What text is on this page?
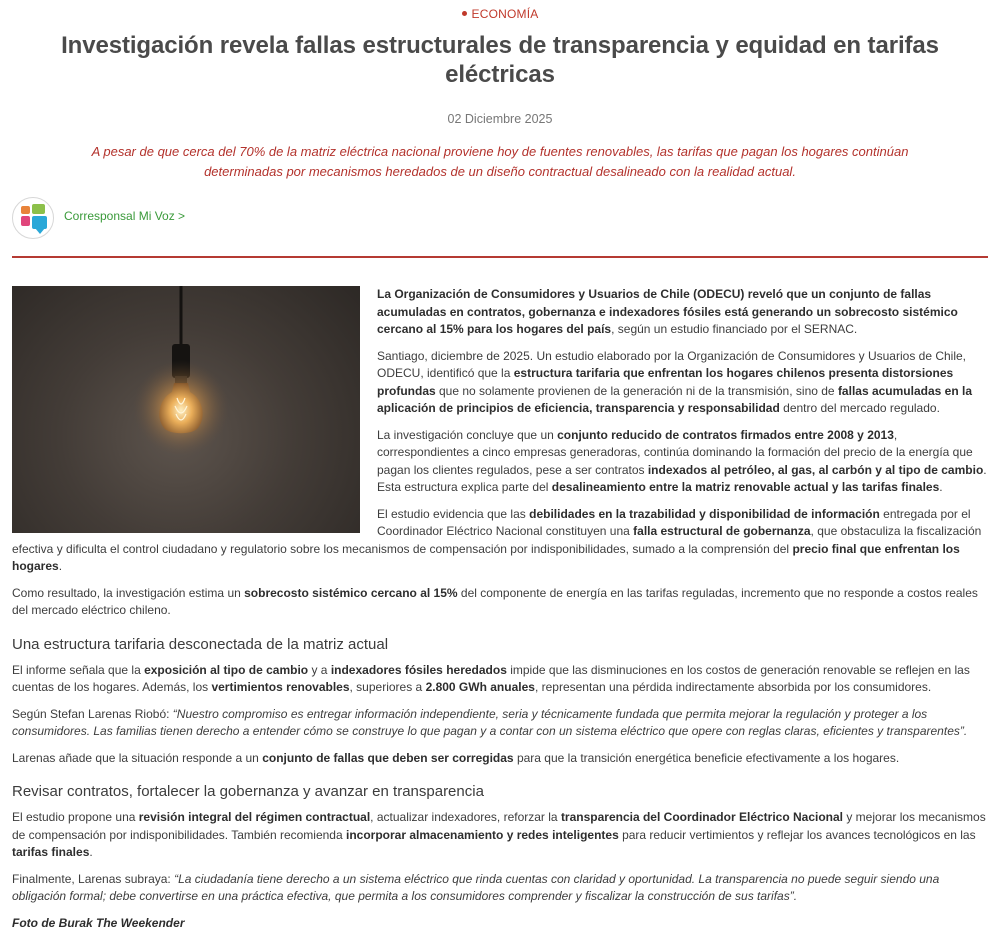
ECONOMÍA
Investigación revela fallas estructurales de transparencia y equidad en tarifas eléctricas
02 Diciembre 2025
A pesar de que cerca del 70% de la matriz eléctrica nacional proviene hoy de fuentes renovables, las tarifas que pagan los hogares continúan determinadas por mecanismos heredados de un diseño contractual desalineado con la realidad actual.
Corresponsal Mi Voz >

La Organización de Consumidores y Usuarios de Chile (ODECU) reveló que un conjunto de fallas acumuladas en contratos, gobernanza e indexadores fósiles está generando un sobrecosto sistémico cercano al 15% para los hogares del país, según un estudio financiado por el SERNAC.

Santiago, diciembre de 2025. Un estudio elaborado por la Organización de Consumidores y Usuarios de Chile, ODECU, identificó que la estructura tarifaria que enfrentan los hogares chilenos presenta distorsiones profundas que no solamente provienen de la generación ni de la transmisión, sino de fallas acumuladas en la aplicación de principios de eficiencia, transparencia y responsabilidad dentro del mercado regulado.

La investigación concluye que un conjunto reducido de contratos firmados entre 2008 y 2013, correspondientes a cinco empresas generadoras, continúa dominando la formación del precio de la energía que pagan los clientes regulados, pese a ser contratos indexados al petróleo, al gas, al carbón y al tipo de cambio. Esta estructura explica parte del desalineamiento entre la matriz renovable actual y las tarifas finales.

El estudio evidencia que las debilidades en la trazabilidad y disponibilidad de información entregada por el Coordinador Eléctrico Nacional constituyen una falla estructural de gobernanza, que obstaculiza la fiscalización efectiva y dificulta el control ciudadano y regulatorio sobre los mecanismos de compensación por indisponibilidades, sumado a la comprensión del precio final que enfrentan los hogares.

Como resultado, la investigación estima un sobrecosto sistémico cercano al 15% del componente de energía en las tarifas reguladas, incremento que no responde a costos reales del mercado eléctrico chileno.

Una estructura tarifaria desconectada de la matriz actual

El informe señala que la exposición al tipo de cambio y a indexadores fósiles heredados impide que las disminuciones en los costos de generación renovable se reflejen en las cuentas de los hogares. Además, los vertimientos renovables, superiores a 2.800 GWh anuales, representan una pérdida indirectamente absorbida por los consumidores.

Según Stefan Larenas Riobó: “Nuestro compromiso es entregar información independiente, seria y técnicamente fundada que permita mejorar la regulación y proteger a los consumidores. Las familias tienen derecho a entender cómo se construye lo que pagan y a contar con un sistema eléctrico que opere con reglas claras, eficientes y transparentes”.

Larenas añade que la situación responde a un conjunto de fallas que deben ser corregidas para que la transición energética beneficie efectivamente a los hogares.

Revisar contratos, fortalecer la gobernanza y avanzar en transparencia

El estudio propone una revisión integral del régimen contractual, actualizar indexadores, reforzar la transparencia del Coordinador Eléctrico Nacional y mejorar los mecanismos de compensación por indisponibilidades. También recomienda incorporar almacenamiento y redes inteligentes para reducir vertimientos y reflejar los avances tecnológicos en las tarifas finales.

Finalmente, Larenas subraya: “La ciudadanía tiene derecho a un sistema eléctrico que rinda cuentas con claridad y oportunidad. La transparencia no puede seguir siendo una obligación formal; debe convertirse en una práctica efectiva, que permita a los consumidores comprender y fiscalizar la construcción de sus tarifas”.

Foto de Burak The Weekender
